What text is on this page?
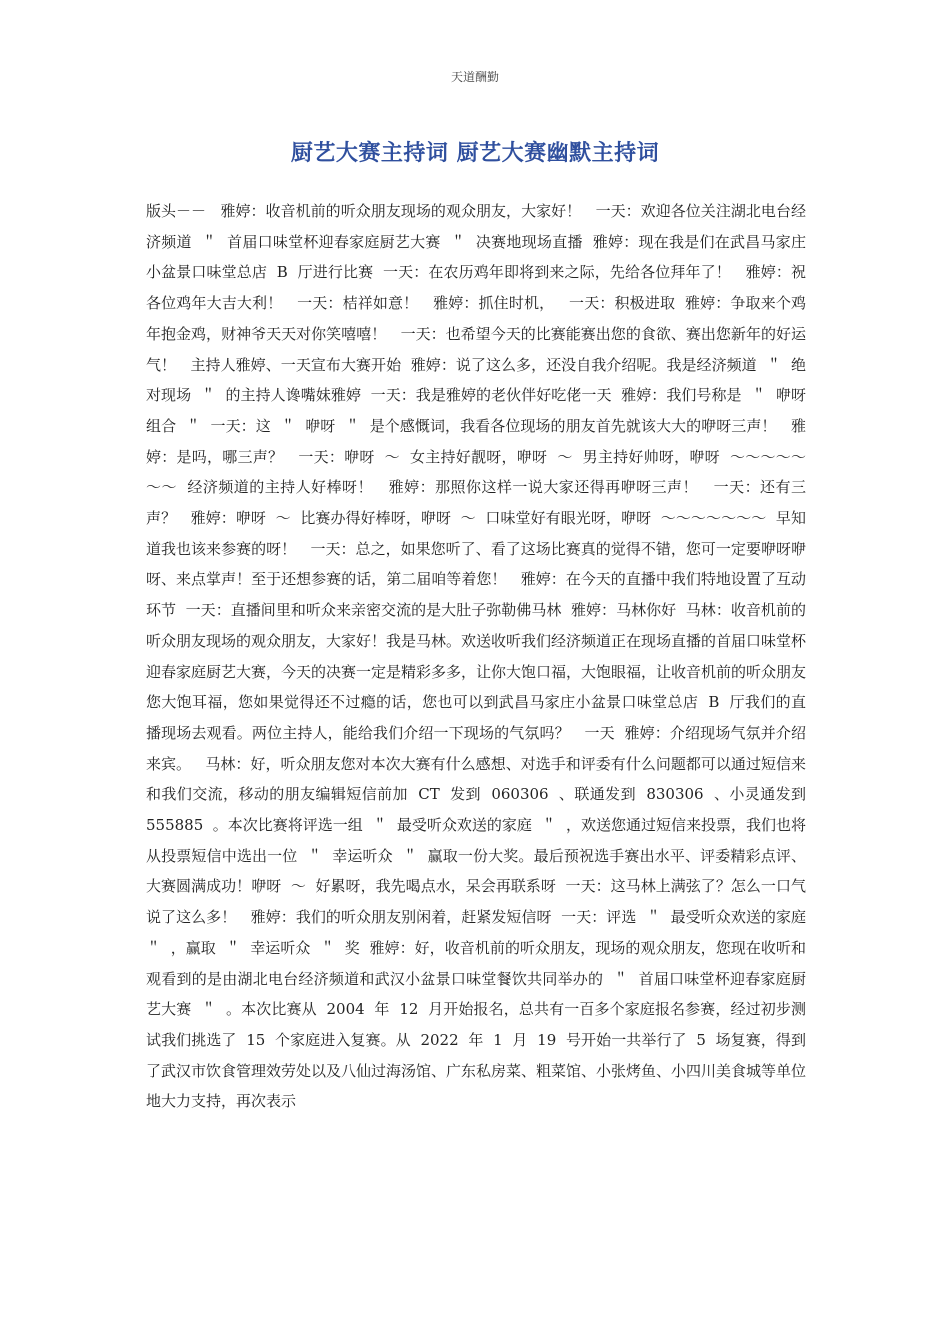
天道酬勤
厨艺大赛主持词 厨艺大赛幽默主持词
版头－－   雅婷：收音机前的听众朋友现场的观众朋友，大家好！   一天：欢迎各位关注湖北电台经济频道  ＂  首届口味堂杯迎春家庭厨艺大赛  ＂  决赛地现场直播  雅婷：现在我是们在武昌马家庄小盆景口味堂总店  B  厅进行比赛  一天：在农历鸡年即将到来之际，先给各位拜年了！   雅婷：祝各位鸡年大吉大利！   一天：桔祥如意！   雅婷：抓住时机，   一天：积极进取  雅婷：争取来个鸡年抱金鸡，财神爷天天对你笑嘻嘻！   一天：也希望今天的比赛能赛出您的食欲、赛出您新年的好运气！   主持人雅婷、一天宣布大赛开始  雅婷：说了这么多，还没自我介绍呢。我是经济频道  ＂  绝对现场  ＂  的主持人谗嘴妹雅婷  一天：我是雅婷的老伙伴好吃佬一天  雅婷：我们号称是  ＂  咿呀组合  ＂  一天：这  ＂  咿呀  ＂  是个感慨词，我看各位现场的朋友首先就该大大的咿呀三声！   雅婷：是吗，哪三声？   一天：咿呀  ～  女主持好靓呀，咿呀  ～  男主持好帅呀，咿呀  ～～～～～～～  经济频道的主持人好棒呀！   雅婷：那照你这样一说大家还得再咿呀三声！   一天：还有三声？   雅婷：咿呀  ～  比赛办得好棒呀，咿呀  ～  口味堂好有眼光呀，咿呀  ～～～～～～～  早知道我也该来参赛的呀！   一天：总之，如果您听了、看了这场比赛真的觉得不错，您可一定要咿呀咿呀、来点掌声！至于还想参赛的话，第二届咱等着您！   雅婷：在今天的直播中我们特地设置了互动环节  一天：直播间里和听众来亲密交流的是大肚子弥勒佛马林  雅婷：马林你好  马林：收音机前的听众朋友现场的观众朋友，大家好！我是马林。欢送收听我们经济频道正在现场直播的首届口味堂杯迎春家庭厨艺大赛，今天的决赛一定是精彩多多，让你大饱口福，大饱眼福，让收音机前的听众朋友您大饱耳福，您如果觉得还不过瘾的话，您也可以到武昌马家庄小盆景口味堂总店  B  厅我们的直播现场去观看。两位主持人，能给我们介绍一下现场的气氛吗？   一天  雅婷：介绍现场气氛并介绍来宾。   马林：好，听众朋友您对本次大赛有什么感想、对选手和评委有什么问题都可以通过短信来和我们交流，移动的朋友编辑短信前加  CT  发到  060306  、联通发到  830306  、小灵通发到  555885  。本次比赛将评选一组  ＂  最受听众欢送的家庭  ＂  ，欢送您通过短信来投票，我们也将从投票短信中选出一位  ＂  幸运听众  ＂  赢取一份大奖。最后预祝选手赛出水平、评委精彩点评、大赛圆满成功！咿呀  ～  好累呀，我先喝点水，呆会再联系呀  一天：这马林上满弦了？怎么一口气说了这么多！   雅婷：我们的听众朋友别闲着，赶紧发短信呀  一天：评选  ＂  最受听众欢送的家庭  ＂  ，赢取  ＂  幸运听众  ＂  奖  雅婷：好，收音机前的听众朋友，现场的观众朋友，您现在收听和观看到的是由湖北电台经济频道和武汉小盆景口味堂餐饮共同举办的  ＂  首届口味堂杯迎春家庭厨艺大赛  ＂  。本次比赛从  2004  年  12  月开始报名，总共有一百多个家庭报名参赛，经过初步测试我们挑选了  15  个家庭进入复赛。从  2022  年  1  月  19  号开始一共举行了  5  场复赛，得到了武汉市饮食管理效劳处以及八仙过海汤馆、广东私房菜、粗菜馆、小张烤鱼、小四川美食城等单位地大力支持，再次表示
